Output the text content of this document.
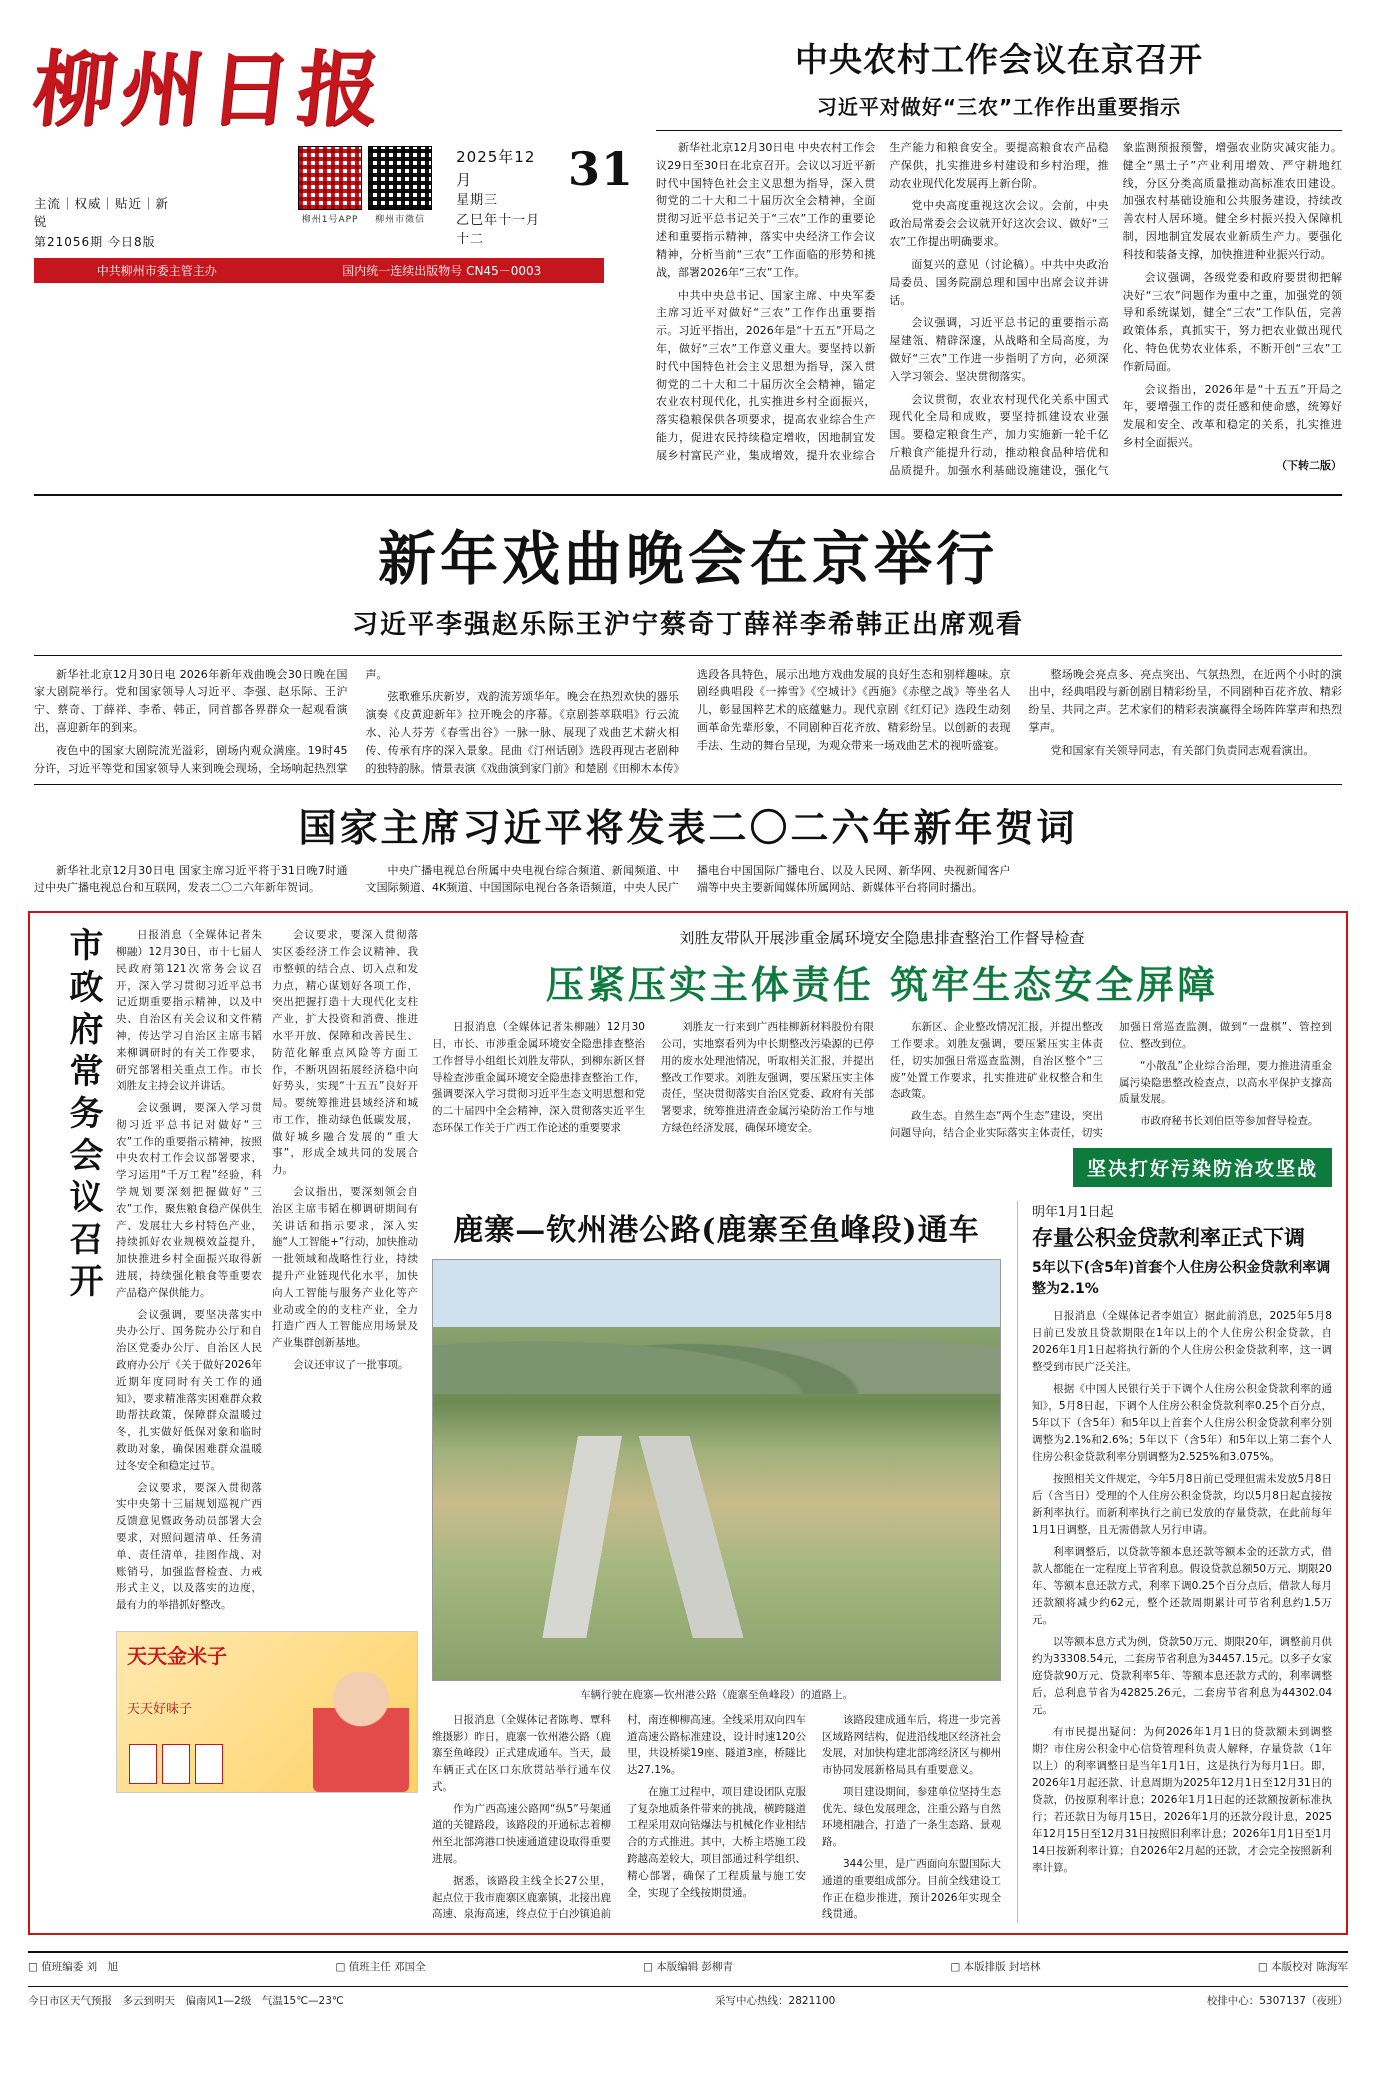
柳州日报
主流｜权威｜贴近｜新锐
第21056期 今日8版
柳州1号APP	柳州市微信
2025年12月
星期三
乙巳年十一月十二
31
中共柳州市委主管主办	国内统一连续出版物号 CN45－0003
中央农村工作会议在京召开
习近平对做好“三农”工作作出重要指示

新华社北京12月30日电 中央农村工作会议29日至30日在北京召开。会议以习近平新时代中国特色社会主义思想为指导，深入贯彻党的二十大和二十届历次全会精神，全面贯彻习近平总书记关于“三农”工作的重要论述和重要指示精神，落实中央经济工作会议精神，分析当前“三农”工作面临的形势和挑战，部署2026年“三农”工作。

中共中央总书记、国家主席、中央军委主席习近平对做好“三农”工作作出重要指示。习近平指出，2026年是“十五五”开局之年，做好“三农”工作意义重大。要坚持以新时代中国特色社会主义思想为指导，深入贯彻党的二十大和二十届历次全会精神，锚定农业农村现代化，扎实推进乡村全面振兴，落实稳粮保供各项要求，提高农业综合生产能力，促进农民持续稳定增收，因地制宜发展乡村富民产业，集成增效，提升农业综合生产能力和粮食安全。要提高粮食农产品稳产保供，扎实推进乡村建设和乡村治理，推动农业现代化发展再上新台阶。

党中央高度重视这次会议。会前，中央政治局常委会会议就开好这次会议、做好“三农”工作提出明确要求。

面复兴的意见（讨论稿）。中共中央政治局委员、国务院副总理和国中出席会议并讲话。

会议强调，习近平总书记的重要指示高屋建瓴、精辟深邃，从战略和全局高度，为做好“三农”工作进一步指明了方向，必须深入学习领会、坚决贯彻落实。

会议贯彻，农业农村现代化关系中国式现代化全局和成败，要坚持抓建设农业强国。要稳定粮食生产，加力实施新一轮千亿斤粮食产能提升行动，推动粮食品种培优和品质提升。加强水利基础设施建设，强化气象监测预报预警，增强农业防灾减灾能力。健全“黑土子”产业利用增效、严守耕地红线，分区分类高质量推动高标准农田建设。加强农村基础设施和公共服务建设，持续改善农村人居环境。健全乡村振兴投入保障机制，因地制宜发展农业新质生产力。要强化科技和装备支撑，加快推进种业振兴行动。

会议强调，各级党委和政府要贯彻把解决好“三农”问题作为重中之重，加强党的领导和系统谋划，健全“三农”工作队伍，完善政策体系，真抓实干，努力把农业做出现代化、特色优势农业体系，不断开创“三农”工作新局面。

会议指出，2026年是“十五五”开局之年，要增强工作的责任感和使命感，统筹好发展和安全、改革和稳定的关系，扎实推进乡村全面振兴。

（下转二版）

新年戏曲晚会在京举行
习近平李强赵乐际王沪宁蔡奇丁薛祥李希韩正出席观看

新华社北京12月30日电 2026年新年戏曲晚会30日晚在国家大剧院举行。党和国家领导人习近平、李强、赵乐际、王沪宁、蔡奇、丁薛祥、李希、韩正，同首都各界群众一起观看演出，喜迎新年的到来。

夜色中的国家大剧院流光溢彩，剧场内观众满座。19时45分许，习近平等党和国家领导人来到晚会现场，全场响起热烈掌声。

弦歌雅乐庆新岁，戏韵流芳颂华年。晚会在热烈欢快的器乐演奏《皮黄迎新年》拉开晚会的序幕。《京剧荟萃联唱》行云流水、沁人芬芳《春雪出谷》一脉一脉、展现了戏曲艺术薪火相传、传承有序的深入景象。昆曲《汀州话剧》选段再现古老剧种的独特韵脉。情景表演《戏曲演到家门前》和楚剧《田柳木本传》选段各具特色，展示出地方戏曲发展的良好生态和别样趣味。京剧经典唱段《一捧雪》《空城计》《西施》《赤壁之战》等坐名人儿，彰显国粹艺术的底蕴魅力。现代京剧《红灯记》选段生动刻画革命先辈形象，不同剧种百花齐放、精彩纷呈。以创新的表现手法、生动的舞台呈现，为观众带来一场戏曲艺术的视听盛宴。

整场晚会亮点多、亮点突出、气氛热烈，在近两个小时的演出中，经典唱段与新创剧目精彩纷呈，不同剧种百花齐放、精彩纷呈、共同之声。艺术家们的精彩表演赢得全场阵阵掌声和热烈掌声。

党和国家有关领导同志，有关部门负责同志观看演出。

国家主席习近平将发表二〇二六年新年贺词

新华社北京12月30日电 国家主席习近平将于31日晚7时通过中央广播电视总台和互联网，发表二〇二六年新年贺词。

中央广播电视总台所属中央电视台综合频道、新闻频道、中文国际频道、4K频道、中国国际电视台各条语频道，中央人民广播电台中国国际广播电台、以及人民网、新华网、央视新闻客户端等中央主要新闻媒体所属网站、新媒体平台将同时播出。

市政府常务会议召开	日报消息（全媒体记者朱柳融）12月30日，市十七届人民政府第121次常务会议召开，深入学习贯彻习近平总书记近期重要指示精神，以及中央、自治区有关会议和文件精神，传达学习自治区主席韦韬来柳调研时的有关工作要求，研究部署相关重点工作。市长刘胜友主持会议并讲话。

会议强调，要深入学习贯彻习近平总书记对做好“三农”工作的重要指示精神，按照中央农村工作会议部署要求，学习运用“千万工程”经验，科学规划要深刻把握做好“三农”工作，聚焦粮食稳产保供生产、发展壮大乡村特色产业，持续抓好农业规模效益提升，加快推进乡村全面振兴取得新进展，持续强化粮食等重要农产品稳产保供能力。

会议强调，要坚决落实中央办公厅、国务院办公厅和自治区党委办公厅、自治区人民政府办公厅《关于做好2026年近期年度同时有关工作的通知》，要求精准落实困难群众救助帮扶政策，保障群众温暖过冬，扎实做好低保对象和临时救助对象，确保困难群众温暖过冬安全和稳定过节。

会议要求，要深入贯彻落实中央第十三届规划巡视广西反馈意见暨政务动员部署大会要求，对照问题清单、任务清单、责任清单，挂图作战、对账销号，加强监督检查、力戒形式主义，以及落实的边度，最有力的举措抓好整改。

会议要求，要深入贯彻落实区委经济工作会议精神、我市整顿的结合点、切入点和发力点，精心谋划好各项工作，突出把握打造十大现代化支柱产业，扩大投资和消费、推进水平开放、保障和改善民生、防范化解重点风险等方面工作，不断巩固拓展经济稳中向好势头，实现“十五五”良好开局。要统筹推进县域经济和城市工作，推动绿色低碳发展，做好城乡融合发展的“重大事”，形成全域共同的发展合力。

会议指出，要深刻领会自治区主席韦韬在柳调研期间有关讲话和指示要求，深入实施“人工智能+”行动，加快推动一批领域和战略性行业，持续提升产业链现代化水平，加快向人工智能与服务产业化等产业动或全的的支柱产业，全力打造广西人工智能应用场景及产业集群创新基地。

会议还审议了一批事项。

天天金米子
天天好味子
刘胜友带队开展涉重金属环境安全隐患排查整治工作督导检查
压紧压实主体责任 筑牢生态安全屏障

日报消息（全媒体记者朱柳融）12月30日，市长、市涉重金属环境安全隐患排查整治工作督导小组组长刘胜友带队，到柳东新区督导检查涉重金属环境安全隐患排查整治工作，强调要深入学习贯彻习近平生态文明思想和党的二十届四中全会精神，深入贯彻落实近平生态环保工作关于广西工作论述的重要要求

刘胜友一行来到广西桂柳新材料股份有限公司，实地察看列为中长期整改污染源的已停用的废水处理池情况，听取相关汇报，并提出整改工作要求。刘胜友强调，要压紧压实主体责任，坚决贯彻落实自治区党委、政府有关部署要求，统筹推进清查金属污染防治工作与地方绿色经济发展，确保环境安全。

东新区、企业整改情况汇报，并提出整改工作要求。刘胜友强调，要压紧压实主体责任，切实加强日常巡查监测，自治区整个“三废”处置工作要求，扎实推进矿业权整合和生态政策。

政生态。自然生态“两个生态”建设，突出问题导向，结合企业实际落实主体责任，切实加强日常巡查监测，做到“一盘棋”、管控到位、整改到位。

“小散乱”企业综合治理，要力推进清重金属污染隐患整改检查点，以高水平保护支撑高质量发展。

市政府秘书长刘伯臣等参加督导检查。

坚决打好污染防治攻坚战
鹿寨—钦州港公路(鹿寨至鱼峰段)通车
车辆行驶在鹿寨—钦州港公路（鹿寨至鱼峰段）的道路上。

日报消息（全媒体记者陈粤、覃科维摄影）昨日，鹿寨一钦州港公路（鹿寨至鱼峰段）正式建成通车。当天，最车辆正式在区口东欣贯站举行通车仪式。

作为广西高速公路网“纵5”号架通道的关键路段，该路段的开通标志着柳州至北部湾港口快速通道建设取得重要进展。

据悉，该路段主线全长27公里，起点位于我市鹿寨区鹿寨镇，北接出鹿高速、泉海高速，终点位于白沙镇追前村，南连柳柳高速。全线采用双向四车道高速公路标准建设，设计时速120公里，共设桥梁19座、隧道3座，桥隧比达27.1%。

在施工过程中，项目建设团队克服了复杂地质条件带来的挑战，横跨隧道工程采用双向钻爆法与机械化作业相结合的方式推进。其中，大桥主塔施工段跨越高差较大，项目部通过科学组织、精心部署，确保了工程质量与施工安全，实现了全线按期贯通。

该路段建成通车后，将进一步完善区域路网结构，促进沿线地区经济社会发展，对加快构建北部湾经济区与柳州市协同发展新格局具有重要意义。

项目建设期间，参建单位坚持生态优先、绿色发展理念，注重公路与自然环境相融合，打造了一条生态路、景观路。

344公里，是广西面向东盟国际大通道的重要组成部分。目前全线建设工作正在稳步推进，预计2026年实现全线贯通。

明年1月1日起
存量公积金贷款利率正式下调
5年以下(含5年)首套个人住房公积金贷款利率调整为2.1%

日报消息（全媒体记者李姐宣）据此前消息，2025年5月8日前已发放且贷款期限在1年以上的个人住房公积金贷款，自2026年1月1日起将执行新的个人住房公积金贷款利率，这一调整受到市民广泛关注。

根据《中国人民银行关于下调个人住房公积金贷款利率的通知》，5月8日起，下调个人住房公积金贷款利率0.25个百分点，5年以下（含5年）和5年以上首套个人住房公积金贷款利率分别调整为2.1%和2.6%；5年以下（含5年）和5年以上第二套个人住房公积金贷款利率分别调整为2.525%和3.075%。

按照相关文件规定，今年5月8日前已受理但需未发放5月8日后（含当日）受理的个人住房公积金贷款，均以5月8日起直接按新利率执行。而新利率执行之前已发放的存量贷款，在此前每年1月1日调整，且无需借款人另行申请。

利率调整后，以贷款等额本息还款等额本金的还款方式，借款人都能在一定程度上节省利息。假设贷款总额50万元、期限20年、等额本息还款方式，利率下调0.25个百分点后，借款人每月还款额将减少约62元，整个还款周期累计可节省利息约1.5万元。

以等额本息方式为例，贷款50万元、期限20年，调整前月供约为33308.54元，二套房节省利息为34457.15元。以多子女家庭贷款90万元、贷款利率5年、等额本息还款方式的，利率调整后，总利息节省为42825.26元，二套房节省利息为44302.04元。

有市民提出疑问：为何2026年1月1日的贷款额未到调整期？市住房公积金中心信贷管理科负责人解释，存量贷款（1年以上）的利率调整日是当年1月1日，这是执行为每月1日。即，2026年1月起还款、计息周期为2025年12月1日至12月31日的贷款，仍按原利率计息；2026年1月1日起的还款额按新标准执行；若还款日为每月15日，2026年1月的还款分段计息，2025年12月15日至12月31日按照旧利率计息；2026年1月1日至1月14日按新利率计算；自2026年2月起的还款，才会完全按照新利率计算。

□ 值班编委 刘　旭	□ 值班主任 邓国全	□ 本版编辑 彭柳青	□ 本版排版 封培林	□ 本版校对 陈海军
今日市区天气预报　多云到明天　偏南风1—2级　气温15℃—23℃	采写中心热线：2821100	校排中心：5307137（夜班）
